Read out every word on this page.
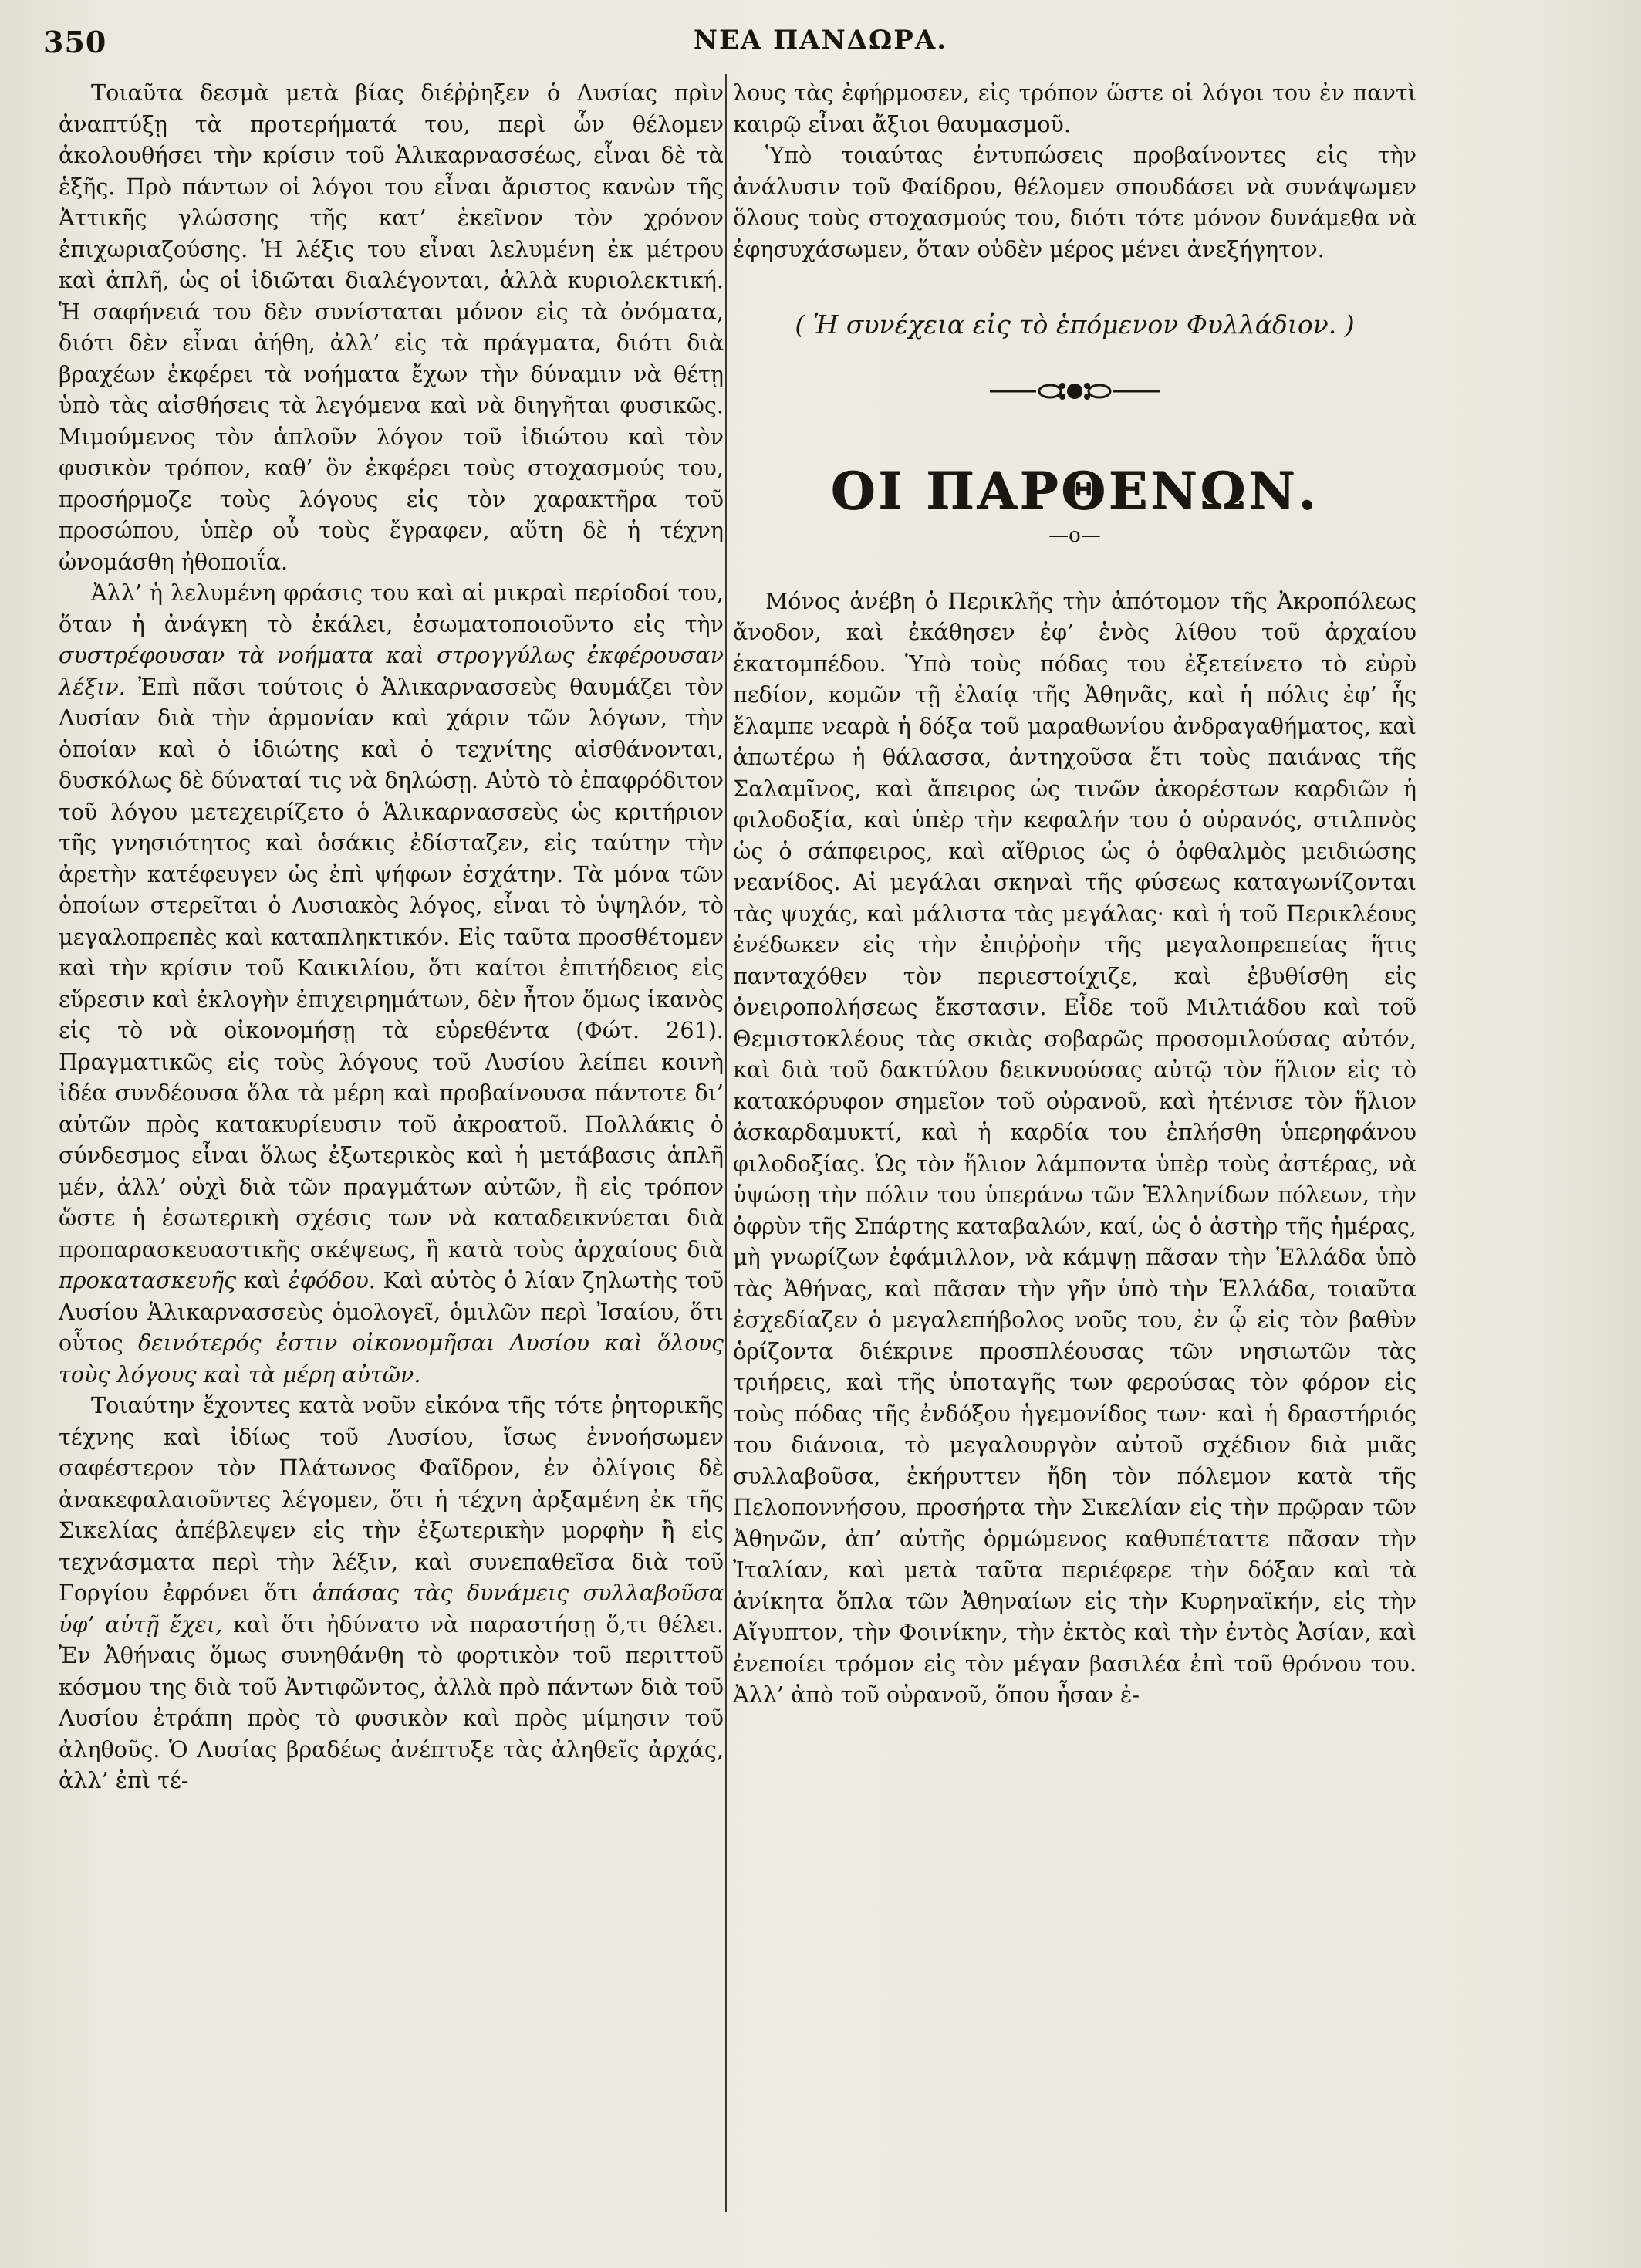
350	ΝΕΑ ΠΑΝΔΩΡΑ.

Τοιαῦτα δεσμὰ μετὰ βίας διέῤῥηξεν ὁ Λυσίας πρὶν ἀναπτύξῃ τὰ προτερήματά του, περὶ ὧν θέλομεν ἀκολουθήσει τὴν κρίσιν τοῦ Ἁλικαρνασσέως, εἶναι δὲ τὰ ἑξῆς. Πρὸ πάντων οἱ λόγοι του εἶναι ἄριστος κανὼν τῆς Ἀττικῆς γλώσσης τῆς κατ’ ἐκεῖνον τὸν χρόνον ἐπιχωριαζούσης. Ἡ λέξις του εἶναι λελυμένη ἐκ μέτρου καὶ ἁπλῆ, ὡς οἱ ἰδιῶται διαλέγονται, ἀλλὰ κυριολεκτική. Ἡ σαφήνειά του δὲν συνίσταται μόνον εἰς τὰ ὀνόματα, διότι δὲν εἶναι ἀήθη, ἀλλ’ εἰς τὰ πράγματα, διότι διὰ βραχέων ἐκφέρει τὰ νοήματα ἔχων τὴν δύναμιν νὰ θέτῃ ὑπὸ τὰς αἰσθήσεις τὰ λεγόμενα καὶ νὰ διηγῆται φυσικῶς. Μιμούμενος τὸν ἁπλοῦν λόγον τοῦ ἰδιώτου καὶ τὸν φυσικὸν τρόπον, καθ’ ὃν ἐκφέρει τοὺς στοχασμούς του, προσήρμοζε τοὺς λόγους εἰς τὸν χαρακτῆρα τοῦ προσώπου, ὑπὲρ οὗ τοὺς ἔγραφεν, αὕτη δὲ ἡ τέχνη ὠνομάσθη ἠθοποιΐα.

Ἀλλ’ ἡ λελυμένη φράσις του καὶ αἱ μικραὶ περίοδοί του, ὅταν ἡ ἀνάγκη τὸ ἐκάλει, ἐσωματοποιοῦντο εἰς τὴν συστρέφουσαν τὰ νοήματα καὶ στρογγύλως ἐκφέρουσαν λέξιν. Ἐπὶ πᾶσι τούτοις ὁ Ἁλικαρνασσεὺς θαυμάζει τὸν Λυσίαν διὰ τὴν ἁρμονίαν καὶ χάριν τῶν λόγων, τὴν ὁποίαν καὶ ὁ ἰδιώτης καὶ ὁ τεχνίτης αἰσθάνονται, δυσκόλως δὲ δύναταί τις νὰ δηλώσῃ. Αὐτὸ τὸ ἐπαφρόδιτον τοῦ λόγου μετεχειρίζετο ὁ Ἁλικαρνασσεὺς ὡς κριτήριον τῆς γνησιότητος καὶ ὁσάκις ἐδίσταζεν, εἰς ταύτην τὴν ἀρετὴν κατέφευγεν ὡς ἐπὶ ψήφων ἐσχάτην. Τὰ μόνα τῶν ὁποίων στερεῖται ὁ Λυσιακὸς λόγος, εἶναι τὸ ὑψηλόν, τὸ μεγαλοπρεπὲς καὶ καταπληκτικόν. Εἰς ταῦτα προσθέτομεν καὶ τὴν κρίσιν τοῦ Καικιλίου, ὅτι καίτοι ἐπιτήδειος εἰς εὕρεσιν καὶ ἐκλογὴν ἐπιχειρημάτων, δὲν ἦτον ὅμως ἱκανὸς εἰς τὸ νὰ οἰκονομήσῃ τὰ εὑρεθέντα (Φώτ. 261). Πραγματικῶς εἰς τοὺς λόγους τοῦ Λυσίου λείπει κοινὴ ἰδέα συνδέουσα ὅλα τὰ μέρη καὶ προβαίνουσα πάντοτε δι’ αὐτῶν πρὸς κατακυρίευσιν τοῦ ἀκροατοῦ. Πολλάκις ὁ σύνδεσμος εἶναι ὅλως ἐξωτερικὸς καὶ ἡ μετάβασις ἁπλῆ μέν, ἀλλ’ οὐχὶ διὰ τῶν πραγμάτων αὐτῶν, ἢ εἰς τρόπον ὥστε ἡ ἐσωτερικὴ σχέσις των νὰ καταδεικνύεται διὰ προπαρασκευαστικῆς σκέψεως, ἢ κατὰ τοὺς ἀρχαίους διὰ προκατασκευῆς καὶ ἐφόδου. Καὶ αὐτὸς ὁ λίαν ζηλωτὴς τοῦ Λυσίου Ἁλικαρνασσεὺς ὁμολογεῖ, ὁμιλῶν περὶ Ἰσαίου, ὅτι οὗτος δεινότερός ἐστιν οἰκονομῆσαι Λυσίου καὶ ὅλους τοὺς λόγους καὶ τὰ μέρη αὐτῶν.

Τοιαύτην ἔχοντες κατὰ νοῦν εἰκόνα τῆς τότε ῥητορικῆς τέχνης καὶ ἰδίως τοῦ Λυσίου, ἴσως ἐννοήσωμεν σαφέστερον τὸν Πλάτωνος Φαῖδρον, ἐν ὀλίγοις δὲ ἀνακεφαλαιοῦντες λέγομεν, ὅτι ἡ τέχνη ἀρξαμένη ἐκ τῆς Σικελίας ἀπέβλεψεν εἰς τὴν ἐξωτερικὴν μορφὴν ἢ εἰς τεχνάσματα περὶ τὴν λέξιν, καὶ συνεπαθεῖσα διὰ τοῦ Γοργίου ἐφρόνει ὅτι ἁπάσας τὰς δυνάμεις συλλαβοῦσα ὑφ’ αὑτῇ ἔχει, καὶ ὅτι ἠδύνατο νὰ παραστήσῃ ὅ,τι θέλει. Ἐν Ἀθήναις ὅμως συνηθάνθη τὸ φορτικὸν τοῦ περιττοῦ κόσμου της διὰ τοῦ Ἀντιφῶντος, ἀλλὰ πρὸ πάντων διὰ τοῦ Λυσίου ἐτράπη πρὸς τὸ φυσικὸν καὶ πρὸς μίμησιν τοῦ ἀληθοῦς. Ὁ Λυσίας βραδέως ἀνέπτυξε τὰς ἀληθεῖς ἀρχάς, ἀλλ’ ἐπὶ τέ-

λους τὰς ἐφήρμοσεν, εἰς τρόπον ὥστε οἱ λόγοι του ἐν παντὶ καιρῷ εἶναι ἄξιοι θαυμασμοῦ.

Ὑπὸ τοιαύτας ἐντυπώσεις προβαίνοντες εἰς τὴν ἀνάλυσιν τοῦ Φαίδρου, θέλομεν σπουδάσει νὰ συνάψωμεν ὅλους τοὺς στοχασμούς του, διότι τότε μόνον δυνάμεθα νὰ ἐφησυχάσωμεν, ὅταν οὐδὲν μέρος μένει ἀνεξήγητον.

( Ἡ συνέχεια εἰς τὸ ἑπόμενον Φυλλάδιον. )
ΟΙ ΠΑΡΘΕΝΩΝ.
—o—

Μόνος ἀνέβη ὁ Περικλῆς τὴν ἀπότομον τῆς Ἀκροπόλεως ἄνοδον, καὶ ἐκάθησεν ἐφ’ ἑνὸς λίθου τοῦ ἀρχαίου ἑκατομπέδου. Ὑπὸ τοὺς πόδας του ἐξετείνετο τὸ εὐρὺ πεδίον, κομῶν τῇ ἐλαίᾳ τῆς Ἀθηνᾶς, καὶ ἡ πόλις ἐφ’ ἧς ἔλαμπε νεαρὰ ἡ δόξα τοῦ μαραθωνίου ἀνδραγαθήματος, καὶ ἀπωτέρω ἡ θάλασσα, ἀντηχοῦσα ἔτι τοὺς παιάνας τῆς Σαλαμῖνος, καὶ ἄπειρος ὡς τινῶν ἀκορέστων καρδιῶν ἡ φιλοδοξία, καὶ ὑπὲρ τὴν κεφαλήν του ὁ οὐρανός, στιλπνὸς ὡς ὁ σάπφειρος, καὶ αἴθριος ὡς ὁ ὀφθαλμὸς μειδιώσης νεανίδος. Αἱ μεγάλαι σκηναὶ τῆς φύσεως καταγωνίζονται τὰς ψυχάς, καὶ μάλιστα τὰς μεγάλας· καὶ ἡ τοῦ Περικλέους ἐνέδωκεν εἰς τὴν ἐπιῤῥοὴν τῆς μεγαλοπρεπείας ἥτις πανταχόθεν τὸν περιεστοίχιζε, καὶ ἐβυθίσθη εἰς ὀνειροπολήσεως ἔκστασιν. Εἶδε τοῦ Μιλτιάδου καὶ τοῦ Θεμιστοκλέους τὰς σκιὰς σοβαρῶς προσομιλούσας αὐτόν, καὶ διὰ τοῦ δακτύλου δεικνυούσας αὐτῷ τὸν ἥλιον εἰς τὸ κατακόρυφον σημεῖον τοῦ οὐρανοῦ, καὶ ἠτένισε τὸν ἥλιον ἀσκαρδαμυκτί, καὶ ἡ καρδία του ἐπλήσθη ὑπερηφάνου φιλοδοξίας. Ὡς τὸν ἥλιον λάμποντα ὑπὲρ τοὺς ἀστέρας, νὰ ὑψώσῃ τὴν πόλιν του ὑπεράνω τῶν Ἑλληνίδων πόλεων, τὴν ὀφρὺν τῆς Σπάρτης καταβαλών, καί, ὡς ὁ ἀστὴρ τῆς ἡμέρας, μὴ γνωρίζων ἐφάμιλλον, νὰ κάμψῃ πᾶσαν τὴν Ἑλλάδα ὑπὸ τὰς Ἀθήνας, καὶ πᾶσαν τὴν γῆν ὑπὸ τὴν Ἑλλάδα, τοιαῦτα ἐσχεδίαζεν ὁ μεγαλεπήβολος νοῦς του, ἐν ᾧ εἰς τὸν βαθὺν ὁρίζοντα διέκρινε προσπλέουσας τῶν νησιωτῶν τὰς τριήρεις, καὶ τῆς ὑποταγῆς των φερούσας τὸν φόρον εἰς τοὺς πόδας τῆς ἐνδόξου ἡγεμονίδος των· καὶ ἡ δραστήριός του διάνοια, τὸ μεγαλουργὸν αὐτοῦ σχέδιον διὰ μιᾶς συλλαβοῦσα, ἐκήρυττεν ἤδη τὸν πόλεμον κατὰ τῆς Πελοποννήσου, προσήρτα τὴν Σικελίαν εἰς τὴν πρῷραν τῶν Ἀθηνῶν, ἀπ’ αὐτῆς ὁρμώμενος καθυπέταττε πᾶσαν τὴν Ἰταλίαν, καὶ μετὰ ταῦτα περιέφερε τὴν δόξαν καὶ τὰ ἀνίκητα ὅπλα τῶν Ἀθηναίων εἰς τὴν Κυρηναϊκήν, εἰς τὴν Αἴγυπτον, τὴν Φοινίκην, τὴν ἐκτὸς καὶ τὴν ἐντὸς Ἀσίαν, καὶ ἐνεποίει τρόμον εἰς τὸν μέγαν βασιλέα ἐπὶ τοῦ θρόνου του. Ἀλλ’ ἀπὸ τοῦ οὐρανοῦ, ὅπου ἦσαν ἐ-
